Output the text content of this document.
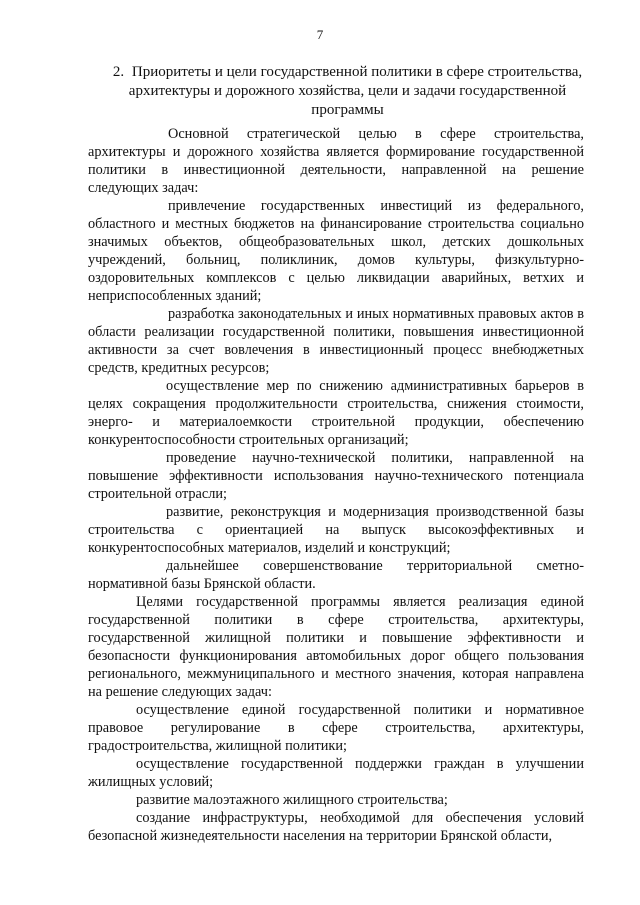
7
2. Приоритеты и цели государственной политики в сфере строительства, архитектуры и дорожного хозяйства, цели и задачи государственной программы

Основной стратегической целью в сфере строительства, архитектуры и дорожного хозяйства является формирование государственной политики в инвестиционной деятельности, направленной на решение следующих задач:

привлечение государственных инвестиций из федерального, областного и местных бюджетов на финансирование строительства социально значимых объектов, общеобразовательных школ, детских дошкольных учреждений, больниц, поликлиник, домов культуры, физкультурно-оздоровительных комплексов с целью ликвидации аварийных, ветхих и неприспособленных зданий;

разработка законодательных и иных нормативных правовых актов в области реализации государственной политики, повышения инвестиционной активности за счет вовлечения в инвестиционный процесс внебюджетных средств, кредитных ресурсов;

осуществление мер по снижению административных барьеров в целях сокращения продолжительности строительства, снижения стоимости, энерго- и материалоемкости строительной продукции, обеспечению конкурентоспособности строительных организаций;

проведение научно-технической политики, направленной на повышение эффективности использования научно-технического потенциала строительной отрасли;

развитие, реконструкция и модернизация производственной базы строительства с ориентацией на выпуск высокоэффективных и конкурентоспособных материалов, изделий и конструкций;

дальнейшее совершенствование территориальной сметно-нормативной базы Брянской области.

Целями государственной программы является реализация единой государственной политики в сфере строительства, архитектуры, государственной жилищной политики и повышение эффективности и безопасности функционирования автомобильных дорог общего пользования регионального, межмуниципального и местного значения, которая направлена на решение следующих задач:

осуществление единой государственной политики и нормативное правовое регулирование в сфере строительства, архитектуры, градостроительства, жилищной политики;

осуществление государственной поддержки граждан в улучшении жилищных условий;

развитие малоэтажного жилищного строительства;

создание инфраструктуры, необходимой для обеспечения условий безопасной жизнедеятельности населения на территории Брянской области,
